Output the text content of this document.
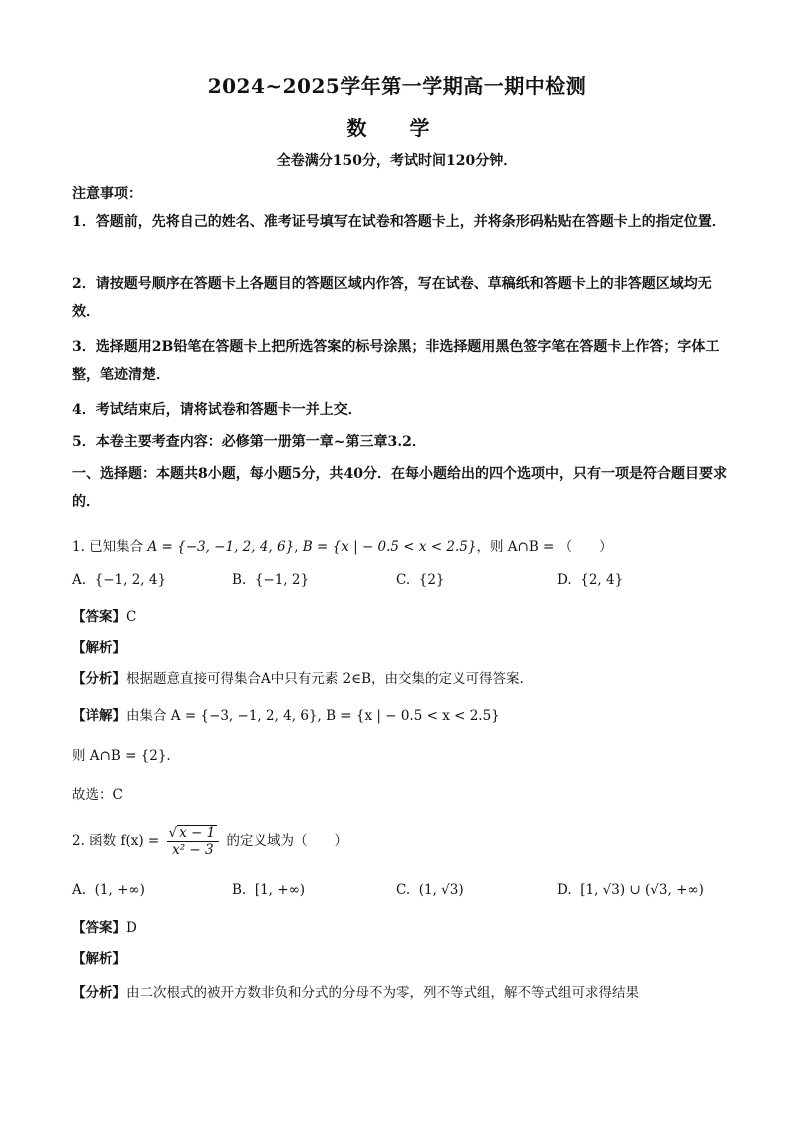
2024~2025学年第一学期高一期中检测
数 学
全卷满分150分，考试时间120分钟．
注意事项：
1．答题前，先将自己的姓名、准考证号填写在试卷和答题卡上，并将条形码粘贴在答题卡上的指定位置．
2．请按题号顺序在答题卡上各题目的答题区域内作答，写在试卷、草稿纸和答题卡上的非答题区域均无效．
3．选择题用2B铅笔在答题卡上把所选答案的标号涂黑；非选择题用黑色签字笔在答题卡上作答；字体工整，笔迹清楚．
4．考试结束后，请将试卷和答题卡一并上交．
5．本卷主要考查内容：必修第一册第一章~第三章3.2．
一、选择题：本题共8小题，每小题5分，共40分．在每小题给出的四个选项中，只有一项是符合题目要求的．
1. 已知集合 A = {−3, −1, 2, 4, 6}, B = {x | − 0.5 < x < 2.5}，则 A∩B = （　　）
A. {−1, 2, 4}	B. {−1, 2}	C. {2}	D. {2, 4}
【答案】C
【解析】
【分析】根据题意直接可得集合A中只有元素 2∈B，由交集的定义可得答案.
【详解】由集合 A = {−3, −1, 2, 4, 6}, B = {x | − 0.5 < x < 2.5}
则 A∩B = {2}.
故选：C
2. 函数 $f(x) = \frac{√ x - 1}{\text{x² − 3}}$ 的定义域为（　　）
A. (1, +∞)	B. [1, +∞)	C. (1, √3)	D. [1, √3) ∪ (√3, +∞)
【答案】D
【解析】
【分析】由二次根式的被开方数非负和分式的分母不为零，列不等式组，解不等式组可求得结果
